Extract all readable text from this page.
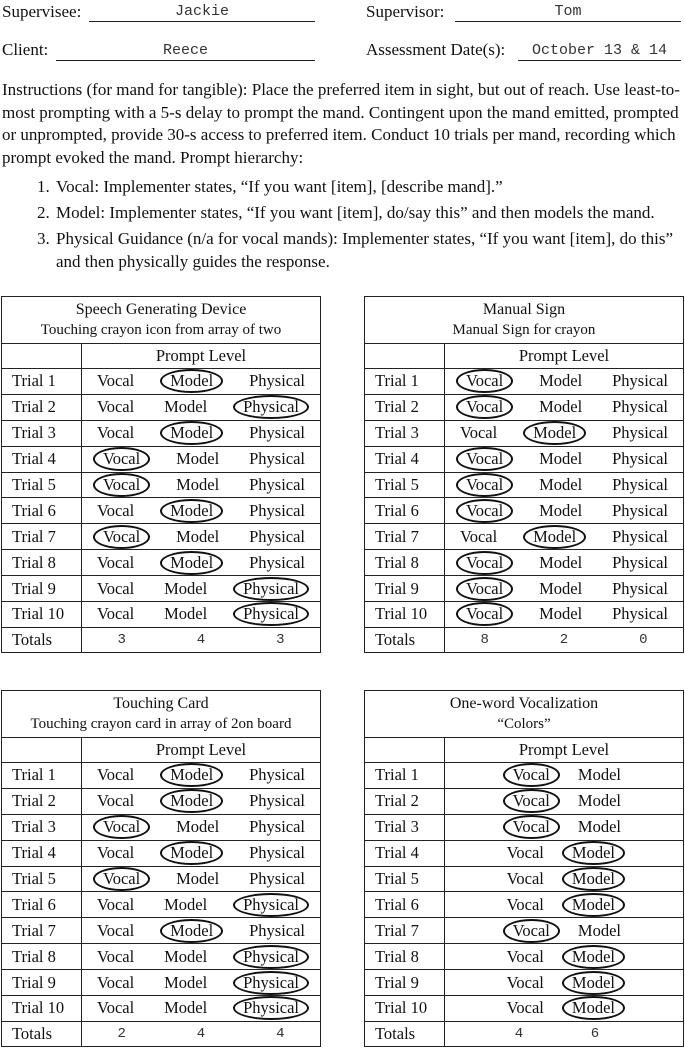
Supervisee:	Jackie	Supervisor:	Tom
Client:	Reece	Assessment Date(s):	October 13 & 14

Instructions (for mand for tangible): Place the preferred item in sight, but out of reach. Use least-to-most prompting with a 5-s delay to prompt the mand. Contingent upon the mand emitted, prompted or unprompted, provide 30-s access to preferred item. Conduct 10 trials per mand, recording which prompt evoked the mand. Prompt hierarchy:

1. Vocal: Implementer states, “If you want [item], [describe mand].”
2. Model: Implementer states, “If you want [item], do/say this” and then models the mand.
3. Physical Guidance (n/a for vocal mands): Implementer states, “If you want [item], do this” and then physically guides the response.
Speech Generating Device
Touching crayon icon from array of two	

	Prompt Level
Trial 1	Vocal Model Physical

Trial 2	Vocal Model Physical

Trial 3	Vocal Model Physical

Trial 4	Vocal Model Physical

Trial 5	Vocal Model Physical

Trial 6	Vocal Model Physical

Trial 7	Vocal Model Physical

Trial 8	Vocal Model Physical

Trial 9	Vocal Model Physical

Trial 10	Vocal Model Physical

Totals	3 4 3
Manual Sign
Manual Sign for crayon	

	Prompt Level
Trial 1	Vocal Model Physical

Trial 2	Vocal Model Physical

Trial 3	Vocal Model Physical

Trial 4	Vocal Model Physical

Trial 5	Vocal Model Physical

Trial 6	Vocal Model Physical

Trial 7	Vocal Model Physical

Trial 8	Vocal Model Physical

Trial 9	Vocal Model Physical

Trial 10	Vocal Model Physical

Totals	8 2 0
Touching Card
Touching crayon card in array of 2on board	

	Prompt Level
Trial 1	Vocal Model Physical

Trial 2	Vocal Model Physical

Trial 3	Vocal Model Physical

Trial 4	Vocal Model Physical

Trial 5	Vocal Model Physical

Trial 6	Vocal Model Physical

Trial 7	Vocal Model Physical

Trial 8	Vocal Model Physical

Trial 9	Vocal Model Physical

Trial 10	Vocal Model Physical

Totals	2 4 4
One-word Vocalization
“Colors”	

	Prompt Level
Trial 1	Vocal Model

Trial 2	Vocal Model

Trial 3	Vocal Model

Trial 4	Vocal Model

Trial 5	Vocal Model

Trial 6	Vocal Model

Trial 7	Vocal Model

Trial 8	Vocal Model

Trial 9	Vocal Model

Trial 10	Vocal Model

Totals	4 6
